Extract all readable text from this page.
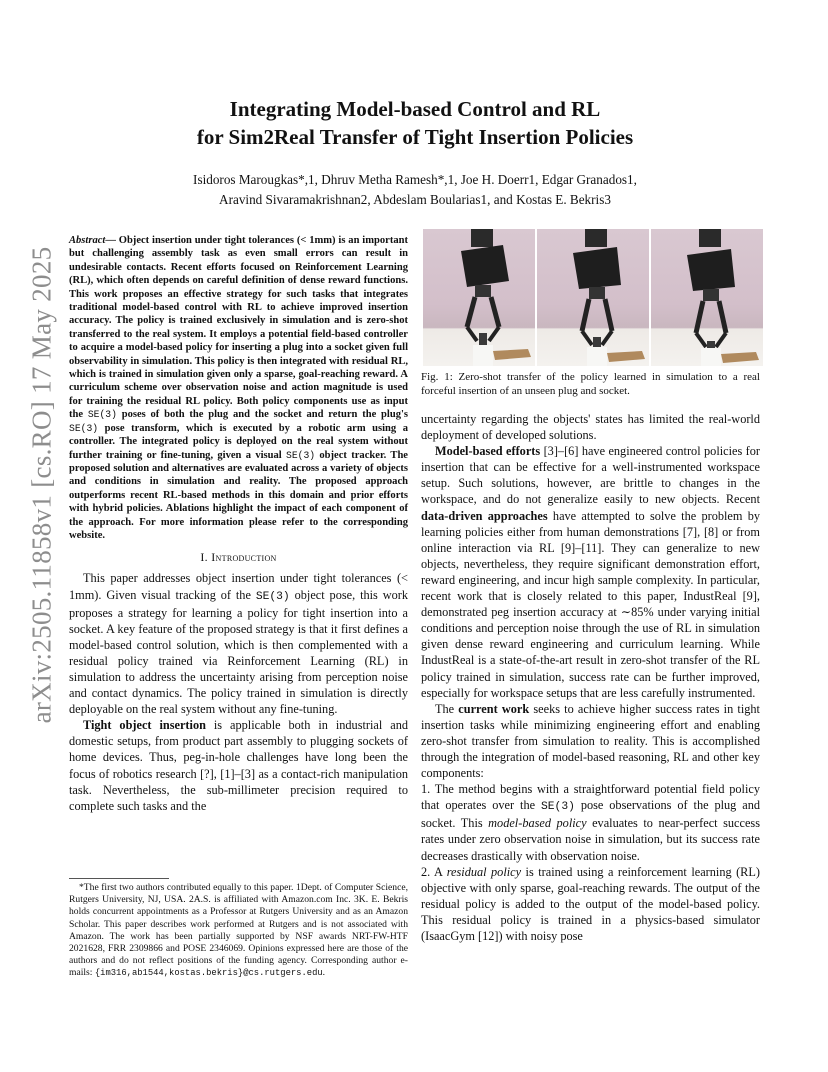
arXiv:2505.11858v1 [cs.RO] 17 May 2025
Integrating Model-based Control and RL
for Sim2Real Transfer of Tight Insertion Policies
Isidoros Marougkas*,1, Dhruv Metha Ramesh*,1, Joe H. Doerr1, Edgar Granados1,
Aravind Sivaramakrishnan2, Abdeslam Boularias1, and Kostas E. Bekris3
Abstract— Object insertion under tight tolerances (< 1mm) is an important but challenging assembly task as even small errors can result in undesirable contacts. Recent efforts focused on Reinforcement Learning (RL), which often depends on careful definition of dense reward functions. This work proposes an effective strategy for such tasks that integrates traditional model-based control with RL to achieve improved insertion accuracy. The policy is trained exclusively in simulation and is zero-shot transferred to the real system. It employs a potential field-based controller to acquire a model-based policy for inserting a plug into a socket given full observability in simulation. This policy is then integrated with residual RL, which is trained in simulation given only a sparse, goal-reaching reward. A curriculum scheme over observation noise and action magnitude is used for training the residual RL policy. Both policy components use as input the SE(3) poses of both the plug and the socket and return the plug's SE(3) pose transform, which is executed by a robotic arm using a controller. The integrated policy is deployed on the real system without further training or fine-tuning, given a visual SE(3) object tracker. The proposed solution and alternatives are evaluated across a variety of objects and conditions in simulation and reality. The proposed approach outperforms recent RL-based methods in this domain and prior efforts with hybrid policies. Ablations highlight the impact of each component of the approach. For more information please refer to the corresponding website.
I. Introduction

This paper addresses object insertion under tight tolerances (< 1mm). Given visual tracking of the SE(3) object pose, this work proposes a strategy for learning a policy for tight insertion into a socket. A key feature of the proposed strategy is that it first defines a model-based control solution, which is then complemented with a residual policy trained via Reinforcement Learning (RL) in simulation to address the uncertainty arising from perception noise and contact dynamics. The policy trained in simulation is directly deployable on the real system without any fine-tuning.

Tight object insertion is applicable both in industrial and domestic setups, from product part assembly to plugging sockets of home devices. Thus, peg-in-hole challenges have long been the focus of robotics research [?], [1]–[3] as a contact-rich manipulation task. Nevertheless, the sub-millimeter precision required to complete such tasks and the

*The first two authors contributed equally to this paper. 1Dept. of Computer Science, Rutgers University, NJ, USA. 2A.S. is affiliated with Amazon.com Inc. 3K. E. Bekris holds concurrent appointments as a Professor at Rutgers University and as an Amazon Scholar. This paper describes work performed at Rutgers and is not associated with Amazon. The work has been partially supported by NSF awards NRT-FW-HTF 2021628, FRR 2309866 and POSE 2346069. Opinions expressed here are those of the authors and do not reflect positions of the funding agency. Corresponding author e-mails: {im316,ab1544,kostas.bekris}@cs.rutgers.edu.

Fig. 1: Zero-shot transfer of the policy learned in simulation to a real forceful insertion of an unseen plug and socket.

uncertainty regarding the objects' states has limited the real-world deployment of developed solutions.

Model-based efforts [3]–[6] have engineered control policies for insertion that can be effective for a well-instrumented workspace setup. Such solutions, however, are brittle to changes in the workspace, and do not generalize easily to new objects. Recent data-driven approaches have attempted to solve the problem by learning policies either from human demonstrations [7], [8] or from online interaction via RL [9]–[11]. They can generalize to new objects, nevertheless, they require significant demonstration effort, reward engineering, and incur high sample complexity. In particular, recent work that is closely related to this paper, IndustReal [9], demonstrated peg insertion accuracy at ∼85% under varying initial conditions and perception noise through the use of RL in simulation given dense reward engineering and curriculum learning. While IndustReal is a state-of-the-art result in zero-shot transfer of the RL policy trained in simulation, success rate can be further improved, especially for workspace setups that are less carefully instrumented.

The current work seeks to achieve higher success rates in tight insertion tasks while minimizing engineering effort and enabling zero-shot transfer from simulation to reality. This is accomplished through the integration of model-based reasoning, RL and other key components:

1. The method begins with a straightforward potential field policy that operates over the SE(3) pose observations of the plug and socket. This model-based policy evaluates to near-perfect success rates under zero observation noise in simulation, but its success rate decreases drastically with observation noise.

2. A residual policy is trained using a reinforcement learning (RL) objective with only sparse, goal-reaching rewards. The output of the residual policy is added to the output of the model-based policy. This residual policy is trained in a physics-based simulator (IsaacGym [12]) with noisy pose
